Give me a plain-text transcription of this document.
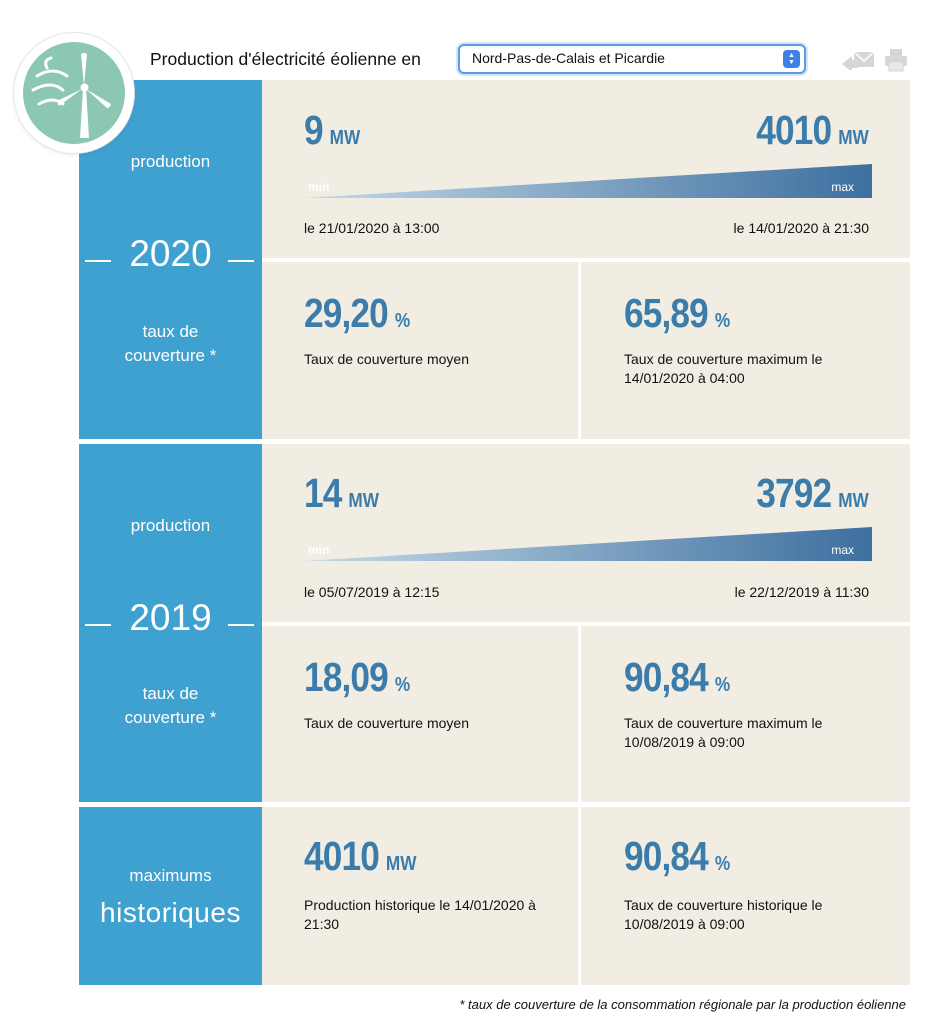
Production d'électricité éolienne en	Nord-Pas-de-Calais et Picardie	▲
▼
production
taux de couverture *
2020
9 MW	4010 MW
min	max
le 21/01/2020 à 13:00	le 14/01/2020 à 21:30
29,20 %
Taux de couverture moyen
65,89 %
Taux de couverture maximum le 14/01/2020 à 04:00
production
taux de couverture *
2019
14 MW	3792 MW
min	max
le 05/07/2019 à 12:15	le 22/12/2019 à 11:30
18,09 %
Taux de couverture moyen
90,84 %
Taux de couverture maximum le 10/08/2019 à 09:00
maximums
historiques
4010 MW
Production historique le 14/01/2020 à 21:30
90,84 %
Taux de couverture historique le 10/08/2019 à 09:00
* taux de couverture de la consommation régionale par la production éolienne
